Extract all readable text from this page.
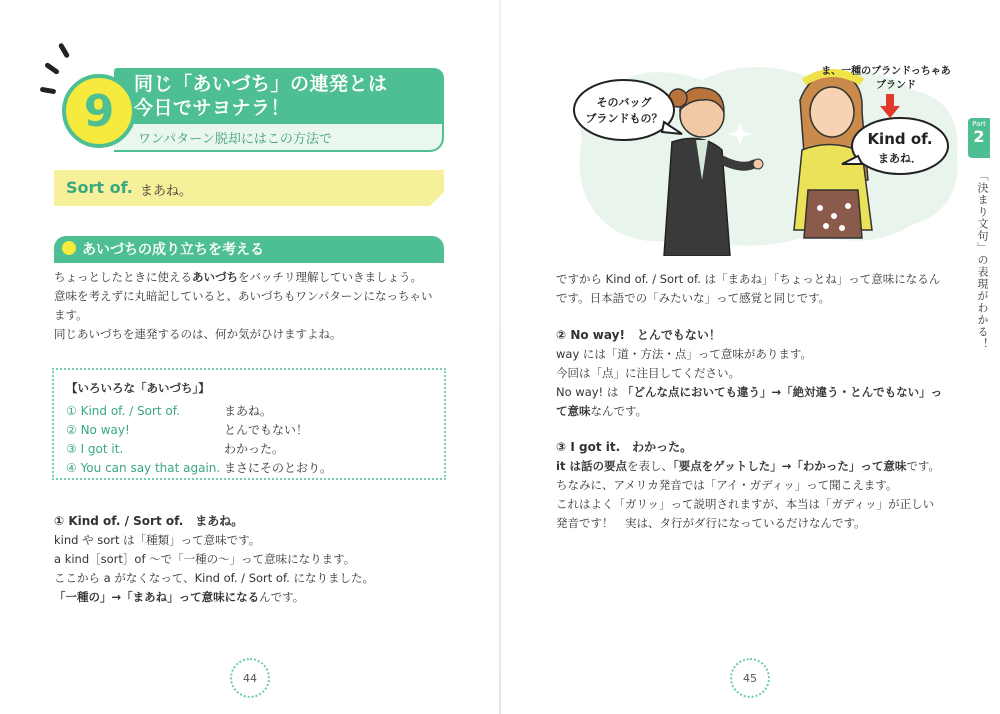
9
同じ「あいづち」の連発とは
今日でサヨナラ！
ワンパターン脱却にはこの方法で
Sort of. まあね。
あいづちの成り立ちを考える
ちょっとしたときに使えるあいづちをバッチリ理解していきましょう。
意味を考えずに丸暗記していると、あいづちもワンパターンになっちゃい
ます。
同じあいづちを連発するのは、何か気がひけますよね。
【いろいろな「あいづち」】
① Kind of. / Sort of.	まあね。
② No way!	とんでもない！
③ I got it.	わかった。
④ You can say that again. まさにそのとおり。
① Kind of. / Sort of.　まあね。
kind や sort は「種類」って意味です。
a kind［sort］of 〜で「一種の〜」って意味になります。
ここから a がなくなって、Kind of. / Sort of. になりました。
「一種の」→「まあね」って意味になるんです。
44
そのバッグ
ブランドもの？
ま、一種のブランドっちゃあ
ブランド
Kind of.
まあね．
Part
2
「決まり文句」の表現がわかる！
ですから Kind of. / Sort of. は「まあね」「ちょっとね」って意味になるん
です。日本語での「みたいな」って感覚と同じです。
② No way!　とんでもない！
way には「道・方法・点」って意味があります。
今回は「点」に注目してください。
No way! は 「どんな点においても違う」→「絶対違う・とんでもない」っ
て意味なんです。
③ I got it.　わかった。
it は話の要点を表し、「要点をゲットした」→「わかった」って意味です。
ちなみに、アメリカ発音では「アイ・ガディッ」って聞こえます。
これはよく「ガリッ」って説明されますが、本当は「ガディッ」が正しい
発音です！　実は、タ行がダ行になっているだけなんです。
45
